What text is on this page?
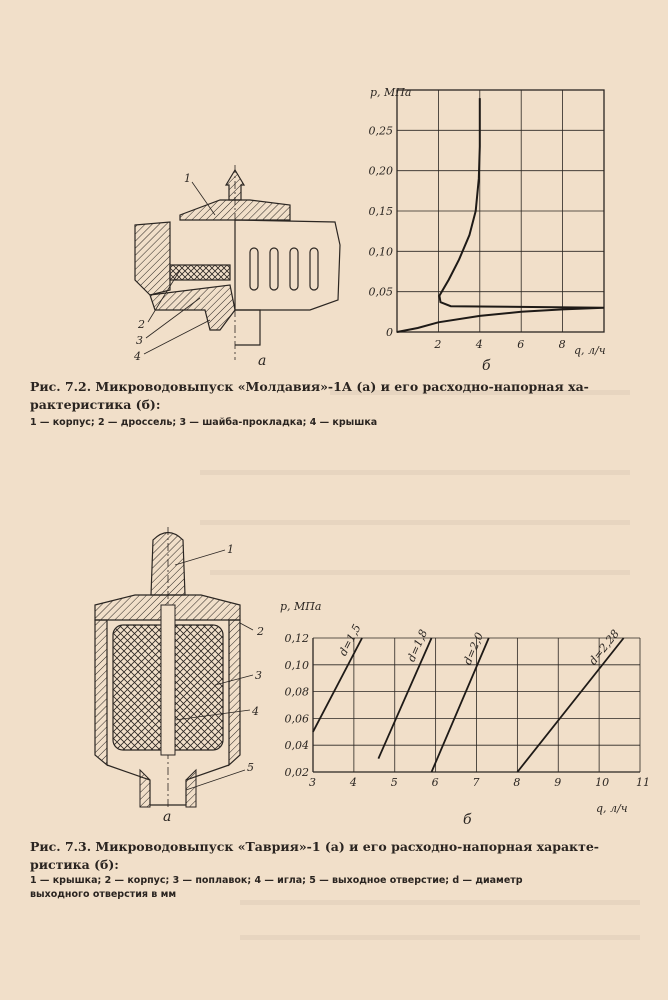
1
2
3
4	а
р, МПа
q, л/ч
б
2	4	6	8
0
0,05
0,10
0,15
0,20
0,25
Рис. 7.2. Микроводовыпуск «Молдавия»-1А (а) и его расходно-напорная ха-
рактеристика (б):
1 — корпус; 2 — дроссель; 3 — шайба-прокладка; 4 — крышка
1
2
3
4
5
а
р, МПа
q, л/ч
б
3	4	5	6	7	8	9	10 11
0,02
0,04
0,06
0,08
0,10
0,12 d=1,5	d=1,8	d=2,0	d=2,28
Рис. 7.3. Микроводовыпуск «Таврия»-1 (а) и его расходно-напорная характе-
ристика (б):
1 — крышка; 2 — корпус; 3 — поплавок; 4 — игла; 5 — выходное отверстие; d — диаметр
выходного отверстия в мм
